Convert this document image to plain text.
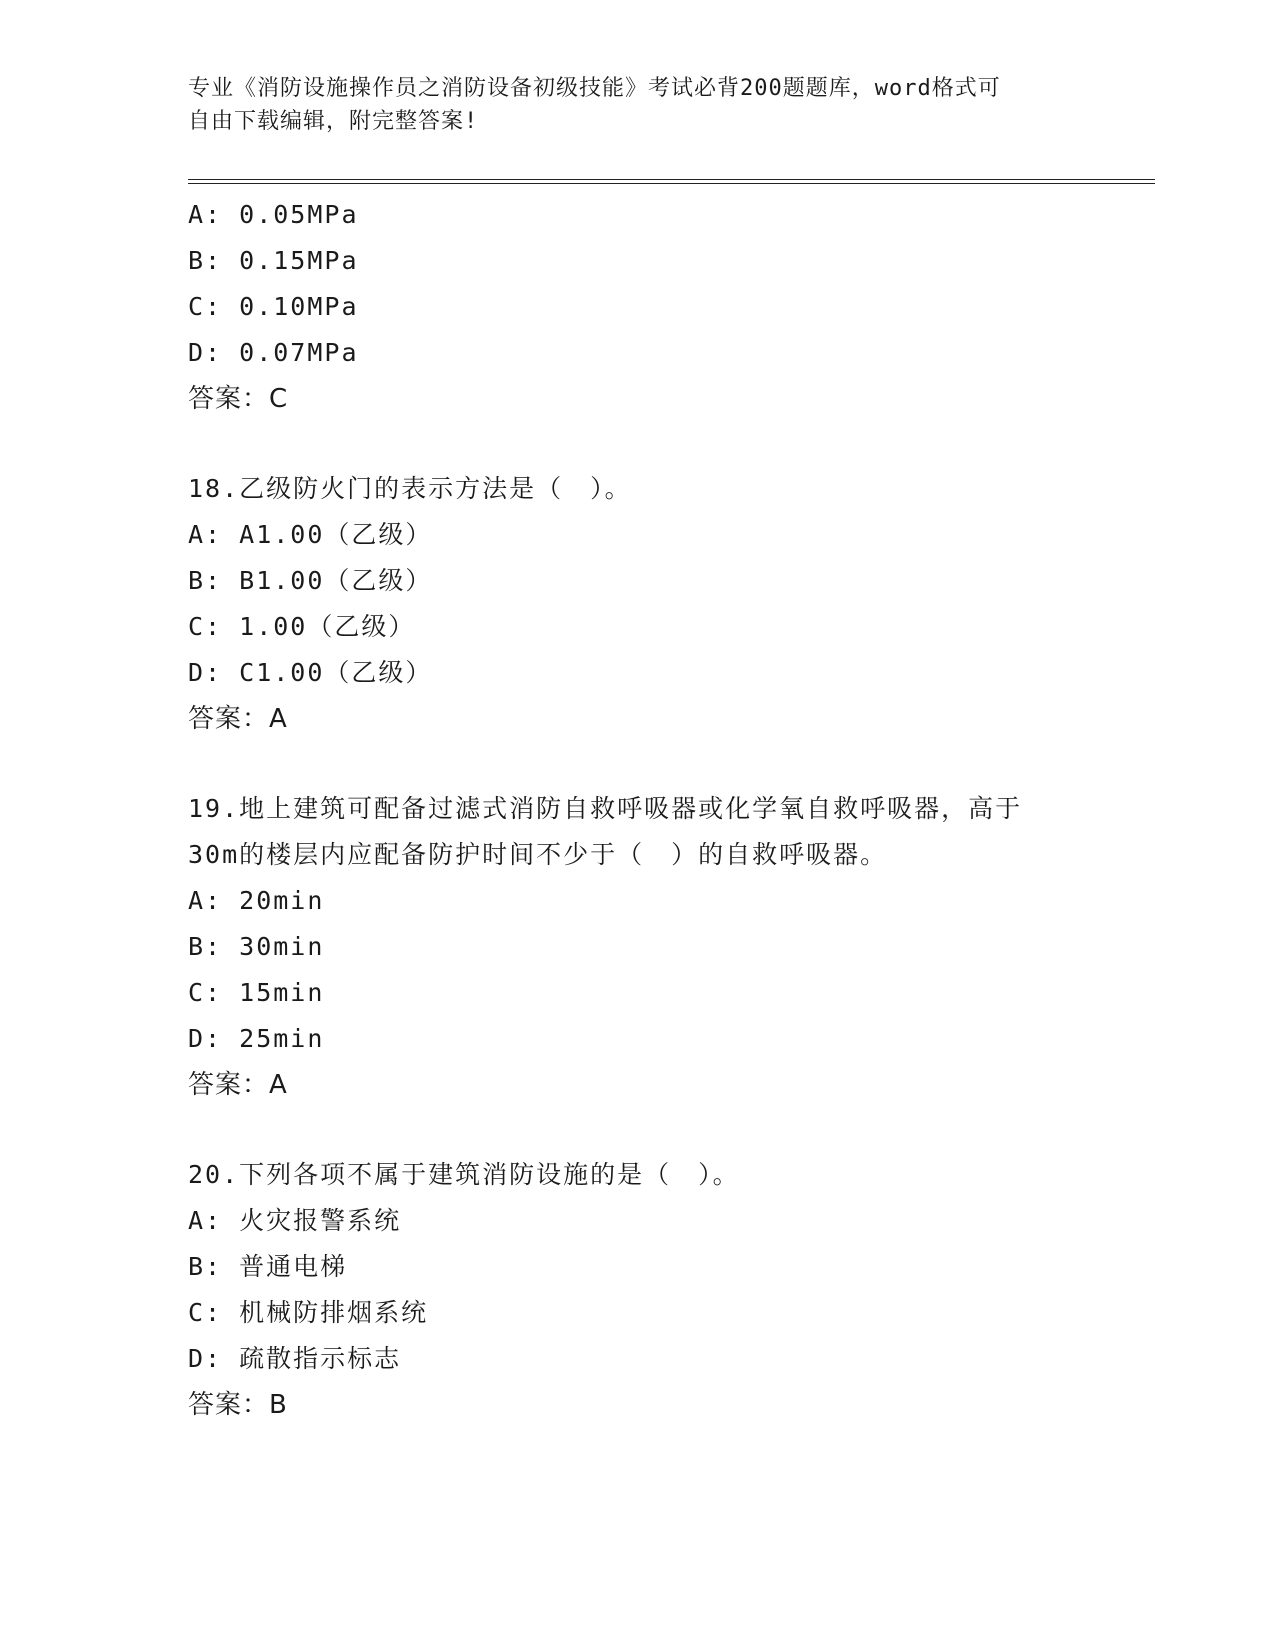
专业《消防设施操作员之消防设备初级技能》考试必背200题题库，word格式可
自由下载编辑，附完整答案!
A: 0.05MPa
B: 0.15MPa
C: 0.10MPa
D: 0.07MPa
答案：C
18.乙级防火门的表示方法是（　）。
A: A1.00（乙级）
B: B1.00（乙级）
C: 1.00（乙级）
D: C1.00（乙级）
答案：A
19.地上建筑可配备过滤式消防自救呼吸器或化学氧自救呼吸器，高于
30m的楼层内应配备防护时间不少于（　）的自救呼吸器。
A: 20min
B: 30min
C: 15min
D: 25min
答案：A
20.下列各项不属于建筑消防设施的是（　）。
A: 火灾报警系统
B: 普通电梯
C: 机械防排烟系统
D: 疏散指示标志
答案：B
